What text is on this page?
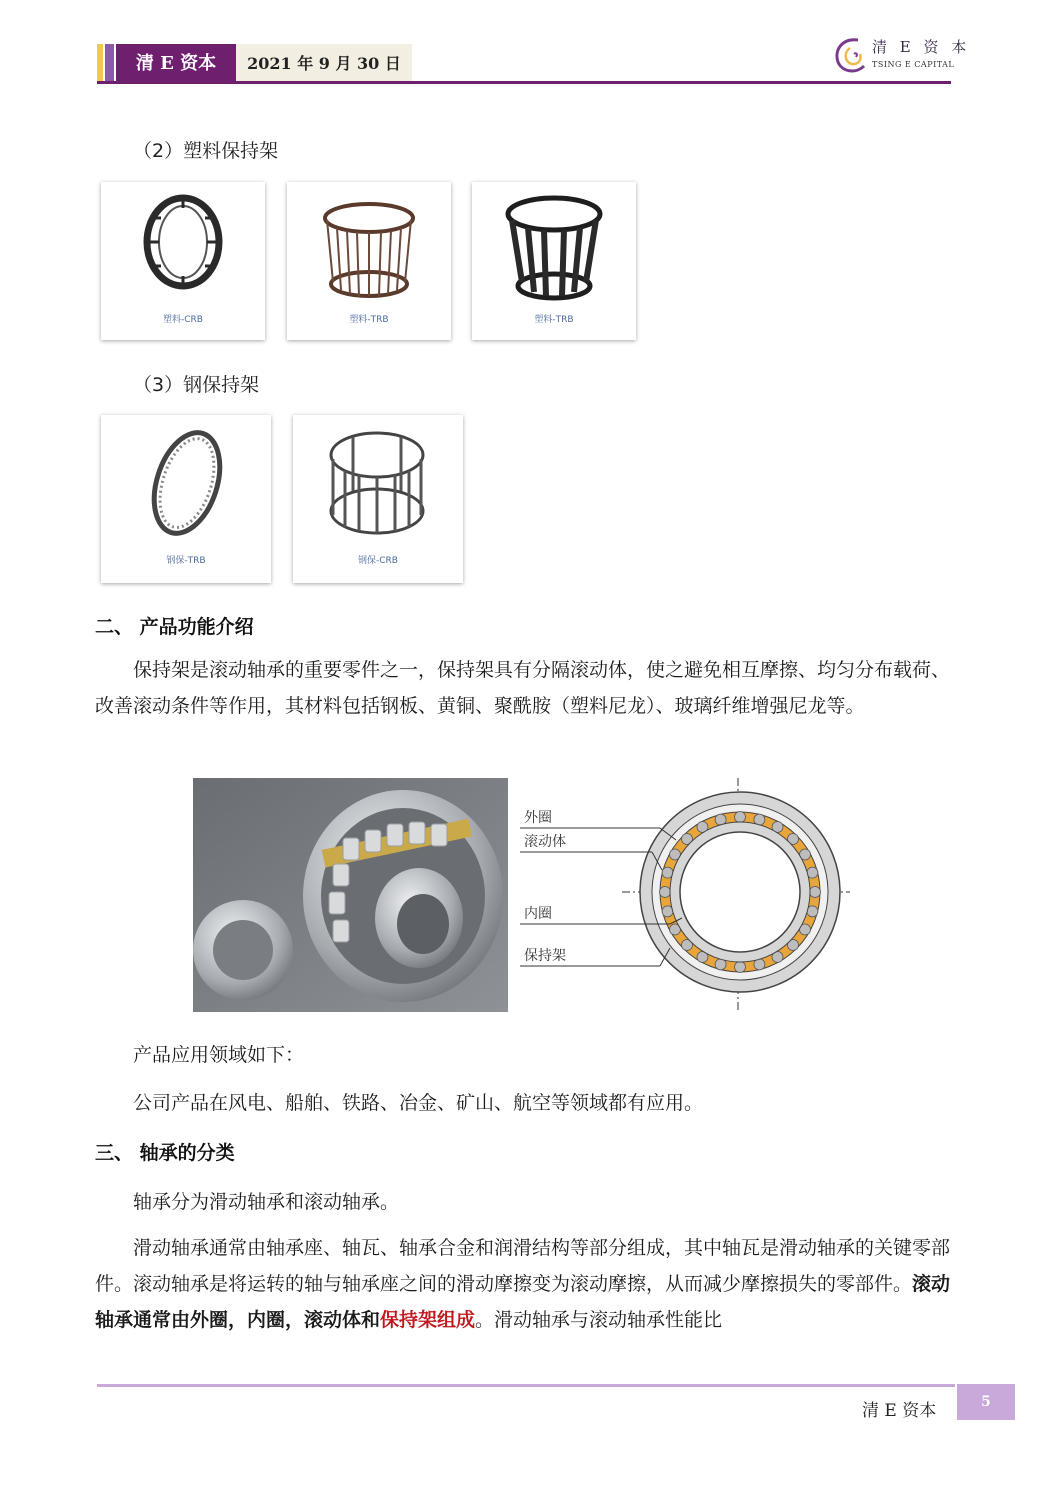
清 E 资本	2021 年 9 月 30 日
清 E 资 本
TSING E CAPITAL
（2）塑料保持架
塑料-CRB	塑料-TRB	塑料-TRB
（3）钢保持架
钢保-TRB	钢保-CRB
二、 产品功能介绍
保持架是滚动轴承的重要零件之一，保持架具有分隔滚动体，使之避免相互摩擦、均匀分布载荷、改善滚动条件等作用，其材料包括钢板、黄铜、聚酰胺（塑料尼龙）、玻璃纤维增强尼龙等。
外圈
滚动体
内圈
保持架
产品应用领域如下：
公司产品在风电、船舶、铁路、冶金、矿山、航空等领域都有应用。
三、 轴承的分类
轴承分为滑动轴承和滚动轴承。
滑动轴承通常由轴承座、轴瓦、轴承合金和润滑结构等部分组成，其中轴瓦是滑动轴承的关键零部件。滚动轴承是将运转的轴与轴承座之间的滑动摩擦变为滚动摩擦，从而减少摩擦损失的零部件。滚动轴承通常由外圈，内圈，滚动体和保持架组成。滑动轴承与滚动轴承性能比
清 E 资本	5
